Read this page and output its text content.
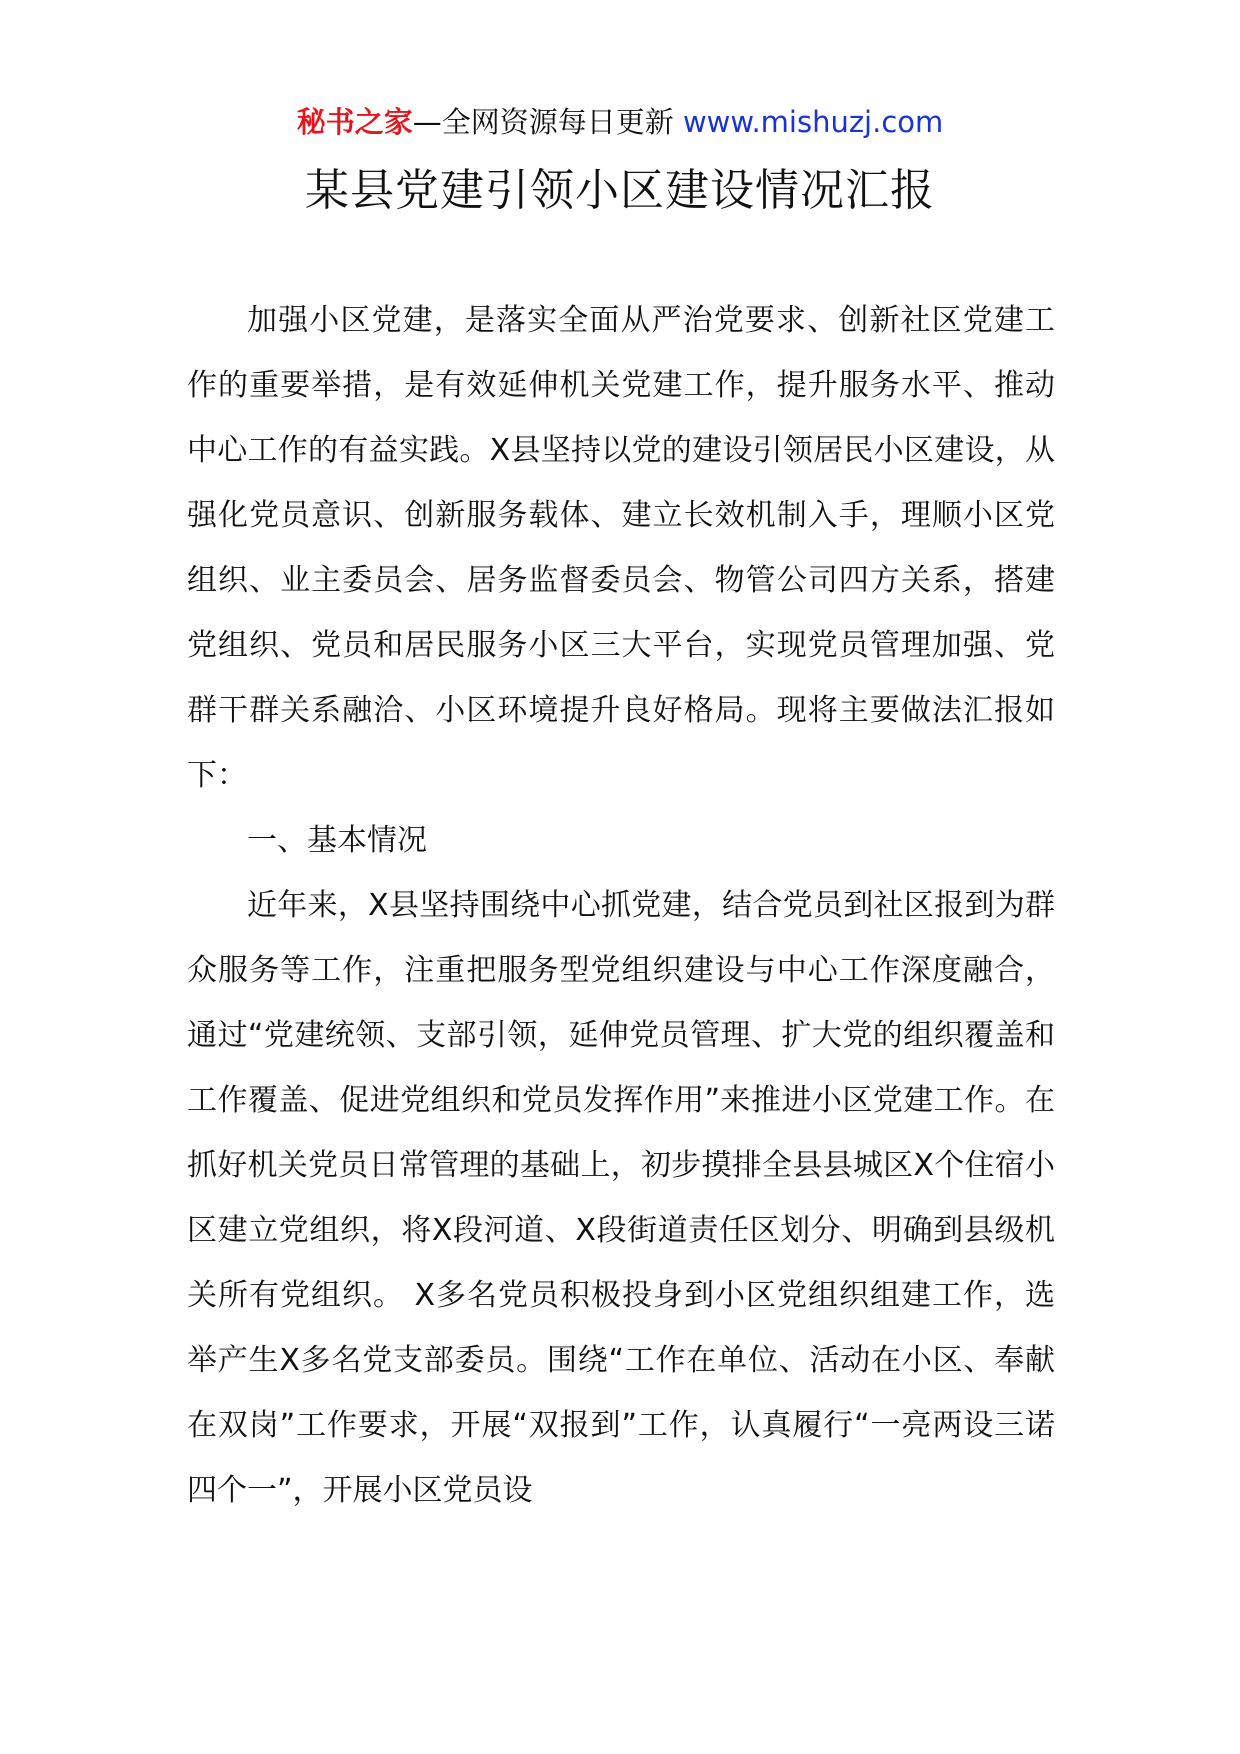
秘书之家—全网资源每日更新 www.mishuzj.com
某县党建引领小区建设情况汇报

加强小区党建，是落实全面从严治党要求、创新社区党建工作的重要举措，是有效延伸机关党建工作，提升服务水平、推动中心工作的有益实践。X县坚持以党的建设引领居民小区建设，从强化党员意识、创新服务载体、建立长效机制入手，理顺小区党组织、业主委员会、居务监督委员会、物管公司四方关系，搭建党组织、党员和居民服务小区三大平台，实现党员管理加强、党群干群关系融洽、小区环境提升良好格局。现将主要做法汇报如下：

一、基本情况

近年来，X县坚持围绕中心抓党建，结合党员到社区报到为群众服务等工作，注重把服务型党组织建设与中心工作深度融合，通过“党建统领、支部引领，延伸党员管理、扩大党的组织覆盖和工作覆盖、促进党组织和党员发挥作用”来推进小区党建工作。在抓好机关党员日常管理的基础上，初步摸排全县县城区X个住宿小区建立党组织，将X段河道、X段街道责任区划分、明确到县级机关所有党组织。 X多名党员积极投身到小区党组织组建工作，选举产生X多名党支部委员。围绕“工作在单位、活动在小区、奉献在双岗”工作要求，开展“双报到”工作，认真履行“一亮两设三诺四个一”，开展小区党员设
